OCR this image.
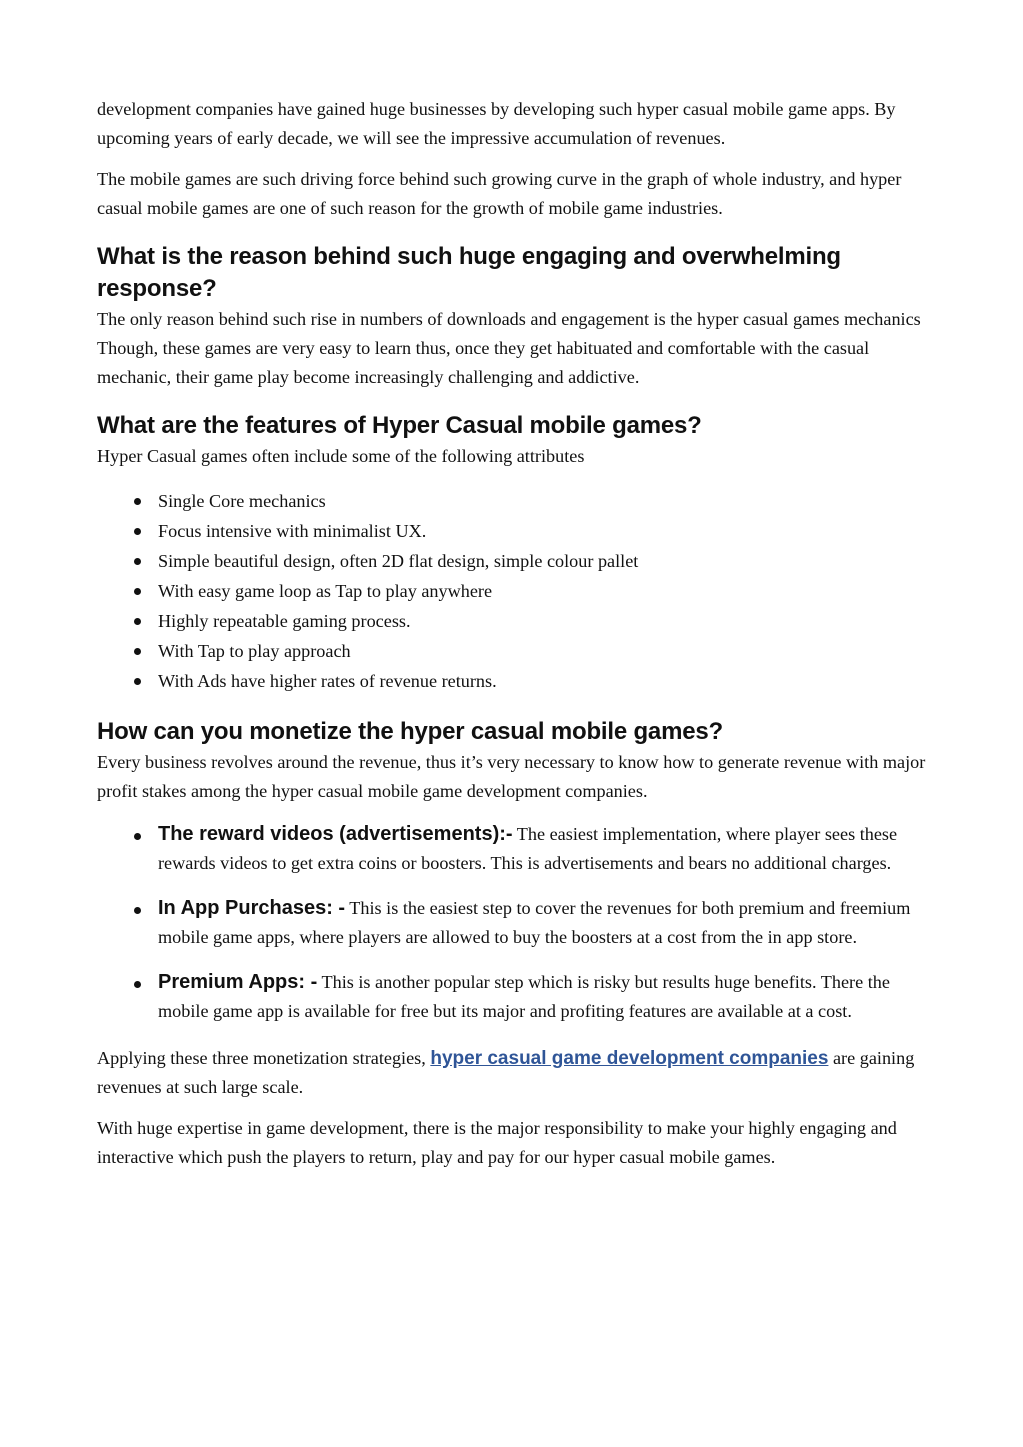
development companies have gained huge businesses by developing such hyper casual mobile game apps. By upcoming years of early decade, we will see the impressive accumulation of revenues.

The mobile games are such driving force behind such growing curve in the graph of whole industry, and hyper casual mobile games are one of such reason for the growth of mobile game industries.

What is the reason behind such huge engaging and overwhelming response?

The only reason behind such rise in numbers of downloads and engagement is the hyper casual games mechanics Though, these games are very easy to learn thus, once they get habituated and comfortable with the casual mechanic, their game play become increasingly challenging and addictive.

What are the features of Hyper Casual mobile games?

Hyper Casual games often include some of the following attributes

Single Core mechanics
Focus intensive with minimalist UX.
Simple beautiful design, often 2D flat design, simple colour pallet
With easy game loop as Tap to play anywhere
Highly repeatable gaming process.
With Tap to play approach
With Ads have higher rates of revenue returns.
How can you monetize the hyper casual mobile games?

Every business revolves around the revenue, thus it’s very necessary to know how to generate revenue with major profit stakes among the hyper casual mobile game development companies.

The reward videos (advertisements):- The easiest implementation, where player sees these rewards videos to get extra coins or boosters. This is advertisements and bears no additional charges.
In App Purchases: - This is the easiest step to cover the revenues for both premium and freemium mobile game apps, where players are allowed to buy the boosters at a cost from the in app store.
Premium Apps: - This is another popular step which is risky but results huge benefits. There the mobile game app is available for free but its major and profiting features are available at a cost.

Applying these three monetization strategies, hyper casual game development companies are gaining revenues at such large scale.

With huge expertise in game development, there is the major responsibility to make your highly engaging and interactive which push the players to return, play and pay for our hyper casual mobile games.
